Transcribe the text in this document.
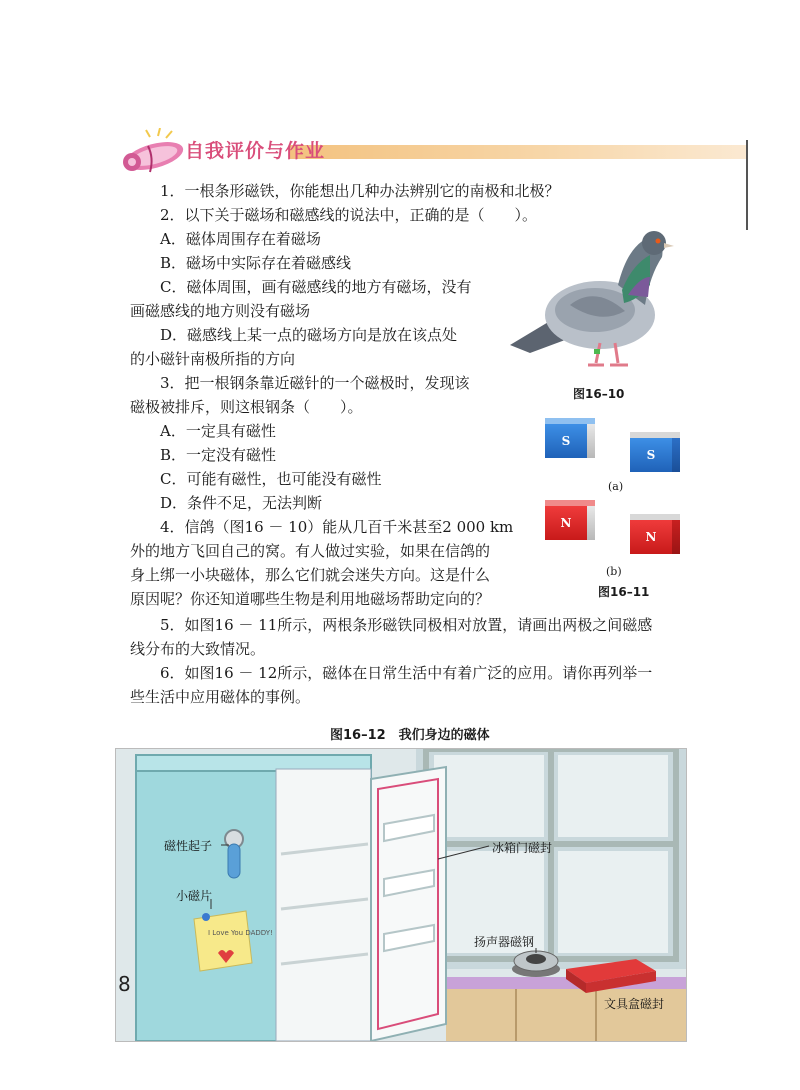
自我评价与作业
1．一根条形磁铁，你能想出几种办法辨别它的南极和北极？
2．以下关于磁场和磁感线的说法中，正确的是（　　）。
A．磁体周围存在着磁场
B．磁场中实际存在着磁感线
C．磁体周围，画有磁感线的地方有磁场，没有
画磁感线的地方则没有磁场
D．磁感线上某一点的磁场方向是放在该点处
的小磁针南极所指的方向
3．把一根钢条靠近磁针的一个磁极时，发现该
磁极被排斥，则这根钢条（　　）。
A．一定具有磁性
B．一定没有磁性
C．可能有磁性，也可能没有磁性
D．条件不足，无法判断
4．信鸽（图16 － 10）能从几百千米甚至2 000 km
外的地方飞回自己的窝。有人做过实验，如果在信鸽的
身上绑一小块磁体，那么它们就会迷失方向。这是什么
原因呢？你还知道哪些生物是利用地磁场帮助定向的？
5．如图16 － 11所示，两根条形磁铁同极相对放置，请画出两极之间磁感
线分布的大致情况。
6．如图16 － 12所示，磁体在日常生活中有着广泛的应用。请你再列举一
些生活中应用磁体的事例。
图16–10
S
S
(a)
N
N
(b)
图16–11
图16–12　我们身边的磁体
I Love You DADDY!
磁性起子
小磁片
冰箱门磁封
扬声器磁钢
文具盒磁封
8
